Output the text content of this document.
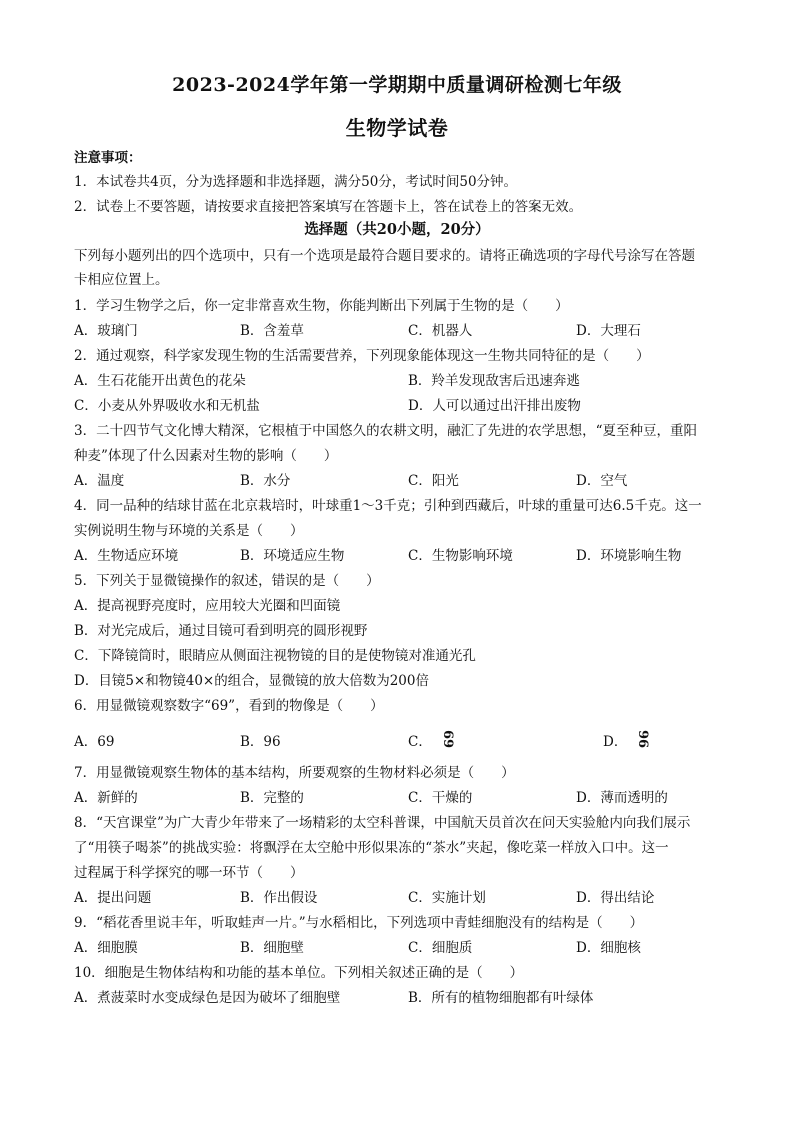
2023-2024学年第一学期期中质量调研检测七年级
生物学试卷
注意事项：
1．本试卷共4页，分为选择题和非选择题，满分50分，考试时间50分钟。
2．试卷上不要答题，请按要求直接把答案填写在答题卡上，答在试卷上的答案无效。
选择题（共20小题，20分）
下列每小题列出的四个选项中，只有一个选项是最符合题目要求的。请将正确选项的字母代号涂写在答题
卡相应位置上。
1．学习生物学之后，你一定非常喜欢生物，你能判断出下列属于生物的是（　　）
A．玻璃门	B．含羞草	C．机器人	D．大理石
2．通过观察，科学家发现生物的生活需要营养，下列现象能体现这一生物共同特征的是（　　）
A．生石花能开出黄色的花朵	B．羚羊发现敌害后迅速奔逃
C．小麦从外界吸收水和无机盐	D．人可以通过出汗排出废物
3．二十四节气文化博大精深，它根植于中国悠久的农耕文明，融汇了先进的农学思想，“夏至种豆，重阳
种麦”体现了什么因素对生物的影响（　　）
A．温度	B．水分	C．阳光	D．空气
4．同一品种的结球甘蓝在北京栽培时，叶球重1～3千克；引种到西藏后，叶球的重量可达6.5千克。这一
实例说明生物与环境的关系是（　　）
A．生物适应环境	B．环境适应生物	C．生物影响环境	D．环境影响生物
5．下列关于显微镜操作的叙述，错误的是（　　）
A．提高视野亮度时，应用较大光圈和凹面镜
B．对光完成后，通过目镜可看到明亮的圆形视野
C．下降镜筒时，眼睛应从侧面注视物镜的目的是使物镜对准通光孔
D．目镜5×和物镜40×的组合，显微镜的放大倍数为200倍
6．用显微镜观察数字“69”，看到的物像是（　　）
A．69	B．96	C． 69	D． 96
7．用显微镜观察生物体的基本结构，所要观察的生物材料必须是（　　）
A．新鲜的	B．完整的	C．干燥的	D．薄而透明的
8．“天宫课堂”为广大青少年带来了一场精彩的太空科普课，中国航天员首次在问天实验舱内向我们展示
了“用筷子喝茶”的挑战实验：将飘浮在太空舱中形似果冻的“茶水”夹起，像吃菜一样放入口中。这一
过程属于科学探究的哪一环节（　　）
A．提出问题	B．作出假设	C．实施计划	D．得出结论
9．“稻花香里说丰年，听取蛙声一片。”与水稻相比，下列选项中青蛙细胞没有的结构是（　　）
A．细胞膜	B．细胞壁	C．细胞质	D．细胞核
10．细胞是生物体结构和功能的基本单位。下列相关叙述正确的是（　　）
A．煮菠菜时水变成绿色是因为破坏了细胞壁	B．所有的植物细胞都有叶绿体
